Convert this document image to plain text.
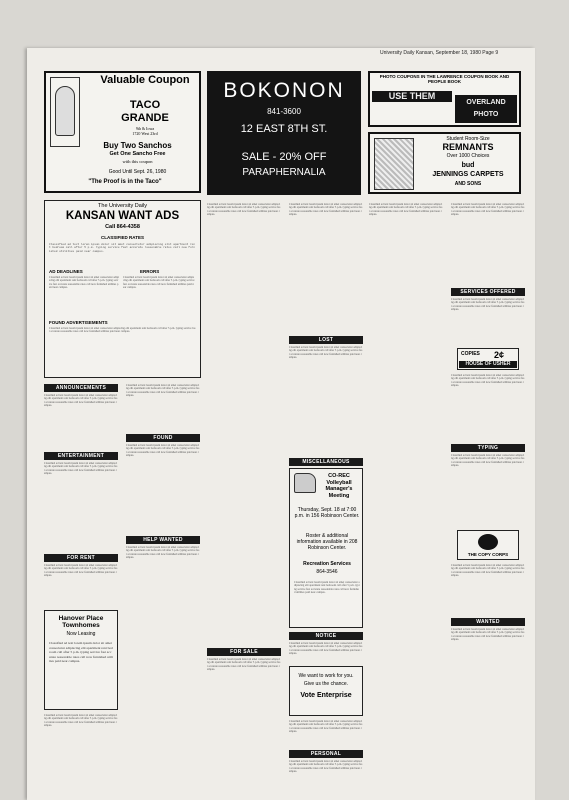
Valuable Coupon
TACO
GRANDE
9th & Iowa
1720 West 23rd
Buy Two Sanchos
Get One Sancho Free
with this coupon
Good Until Sept. 26, 1980
"The Proof is in the Taco"
BOKONON
841-3600
12 EAST 8TH ST.
SALE - 20% OFF
PARAPHERNALIA
PHOTO COUPONS IN THE LAWRENCE COUPON BOOK AND PEOPLE BOOK
USE THEM
OVERLAND PHOTO
Student Room-Size
REMNANTS
Over 1000 Choices
bud
JENNINGS CARPETS
AND SONS
The University Daily
KANSAN WANT ADS
Call 864-4358
CLASSIFIED RATES
Classified ad text lorem ipsum dolor sit amet consectetur adipiscing elit apartment rent bedroom call after 5 p.m. typing service fast accurate reasonable rates call now furnished utilities paid near campus.
AD DEADLINES	ERRORS
Classified ad text lorem ipsum dolor sit amet consectetur adipiscing elit apartment rent bedroom call after 5 p.m. typing service fast accurate reasonable rates call now furnished utilities paid near campus.
Classified ad text lorem ipsum dolor sit amet consectetur adipiscing elit apartment rent bedroom call after 5 p.m. typing service fast accurate reasonable rates call now furnished utilities paid near campus.
FOUND ADVERTISEMENTS
Classified ad text lorem ipsum dolor sit amet consectetur adipiscing elit apartment rent bedroom call after 5 p.m. typing service fast accurate reasonable rates call now furnished utilities paid near campus.
ANNOUNCEMENTS
Classified ad text lorem ipsum dolor sit amet consectetur adipiscing elit apartment rent bedroom call after 5 p.m. typing service fast accurate reasonable rates call now furnished utilities paid near campus.
ENTERTAINMENT
Classified ad text lorem ipsum dolor sit amet consectetur adipiscing elit apartment rent bedroom call after 5 p.m. typing service fast accurate reasonable rates call now furnished utilities paid near campus.
FOR RENT
Classified ad text lorem ipsum dolor sit amet consectetur adipiscing elit apartment rent bedroom call after 5 p.m. typing service fast accurate reasonable rates call now furnished utilities paid near campus.
Hanover Place Townhomes
Now Leasing
Classified ad text lorem ipsum dolor sit amet consectetur adipiscing elit apartment rent bedroom call after 5 p.m. typing service fast accurate reasonable rates call now furnished utilities paid near campus.
Classified ad text lorem ipsum dolor sit amet consectetur adipiscing elit apartment rent bedroom call after 5 p.m. typing service fast accurate reasonable rates call now furnished utilities paid near campus.
Classified ad text lorem ipsum dolor sit amet consectetur adipiscing elit apartment rent bedroom call after 5 p.m. typing service fast accurate reasonable rates call now furnished utilities paid near campus.
FOUND
Classified ad text lorem ipsum dolor sit amet consectetur adipiscing elit apartment rent bedroom call after 5 p.m. typing service fast accurate reasonable rates call now furnished utilities paid near campus.
HELP WANTED
Classified ad text lorem ipsum dolor sit amet consectetur adipiscing elit apartment rent bedroom call after 5 p.m. typing service fast accurate reasonable rates call now furnished utilities paid near campus.
Classified ad text lorem ipsum dolor sit amet consectetur adipiscing elit apartment rent bedroom call after 5 p.m. typing service fast accurate reasonable rates call now furnished utilities paid near campus.
FOR SALE
Classified ad text lorem ipsum dolor sit amet consectetur adipiscing elit apartment rent bedroom call after 5 p.m. typing service fast accurate reasonable rates call now furnished utilities paid near campus.
Classified ad text lorem ipsum dolor sit amet consectetur adipiscing elit apartment rent bedroom call after 5 p.m. typing service fast accurate reasonable rates call now furnished utilities paid near campus.
LOST
Classified ad text lorem ipsum dolor sit amet consectetur adipiscing elit apartment rent bedroom call after 5 p.m. typing service fast accurate reasonable rates call now furnished utilities paid near campus.
MISCELLANEOUS
CO-REC Volleyball Manager's Meeting
Thursday, Sept. 18 at 7:00 p.m. in 156 Robinson Center.
Roster & additional information available in 208 Robinson Center.
Recreation Services
864-3546
Classified ad text lorem ipsum dolor sit amet consectetur adipiscing elit apartment rent bedroom call after 5 p.m. typing service fast accurate reasonable rates call now furnished utilities paid near campus.
NOTICE
Classified ad text lorem ipsum dolor sit amet consectetur adipiscing elit apartment rent bedroom call after 5 p.m. typing service fast accurate reasonable rates call now furnished utilities paid near campus.
We want to work for you.
Give us the chance.
Vote Enterprise
Classified ad text lorem ipsum dolor sit amet consectetur adipiscing elit apartment rent bedroom call after 5 p.m. typing service fast accurate reasonable rates call now furnished utilities paid near campus.
PERSONAL
Classified ad text lorem ipsum dolor sit amet consectetur adipiscing elit apartment rent bedroom call after 5 p.m. typing service fast accurate reasonable rates call now furnished utilities paid near campus.
Classified ad text lorem ipsum dolor sit amet consectetur adipiscing elit apartment rent bedroom call after 5 p.m. typing service fast accurate reasonable rates call now furnished utilities paid near campus.
Classified ad text lorem ipsum dolor sit amet consectetur adipiscing elit apartment rent bedroom call after 5 p.m. typing service fast accurate reasonable rates call now furnished utilities paid near campus.
SERVICES OFFERED
Classified ad text lorem ipsum dolor sit amet consectetur adipiscing elit apartment rent bedroom call after 5 p.m. typing service fast accurate reasonable rates call now furnished utilities paid near campus.
COPIES 2¢
HOUSE OF USHER
Classified ad text lorem ipsum dolor sit amet consectetur adipiscing elit apartment rent bedroom call after 5 p.m. typing service fast accurate reasonable rates call now furnished utilities paid near campus.
TYPING
Classified ad text lorem ipsum dolor sit amet consectetur adipiscing elit apartment rent bedroom call after 5 p.m. typing service fast accurate reasonable rates call now furnished utilities paid near campus.
THE COPY CORPS
Classified ad text lorem ipsum dolor sit amet consectetur adipiscing elit apartment rent bedroom call after 5 p.m. typing service fast accurate reasonable rates call now furnished utilities paid near campus.
WANTED
Classified ad text lorem ipsum dolor sit amet consectetur adipiscing elit apartment rent bedroom call after 5 p.m. typing service fast accurate reasonable rates call now furnished utilities paid near campus.
University Daily Kansan, September 18, 1980 Page 9
